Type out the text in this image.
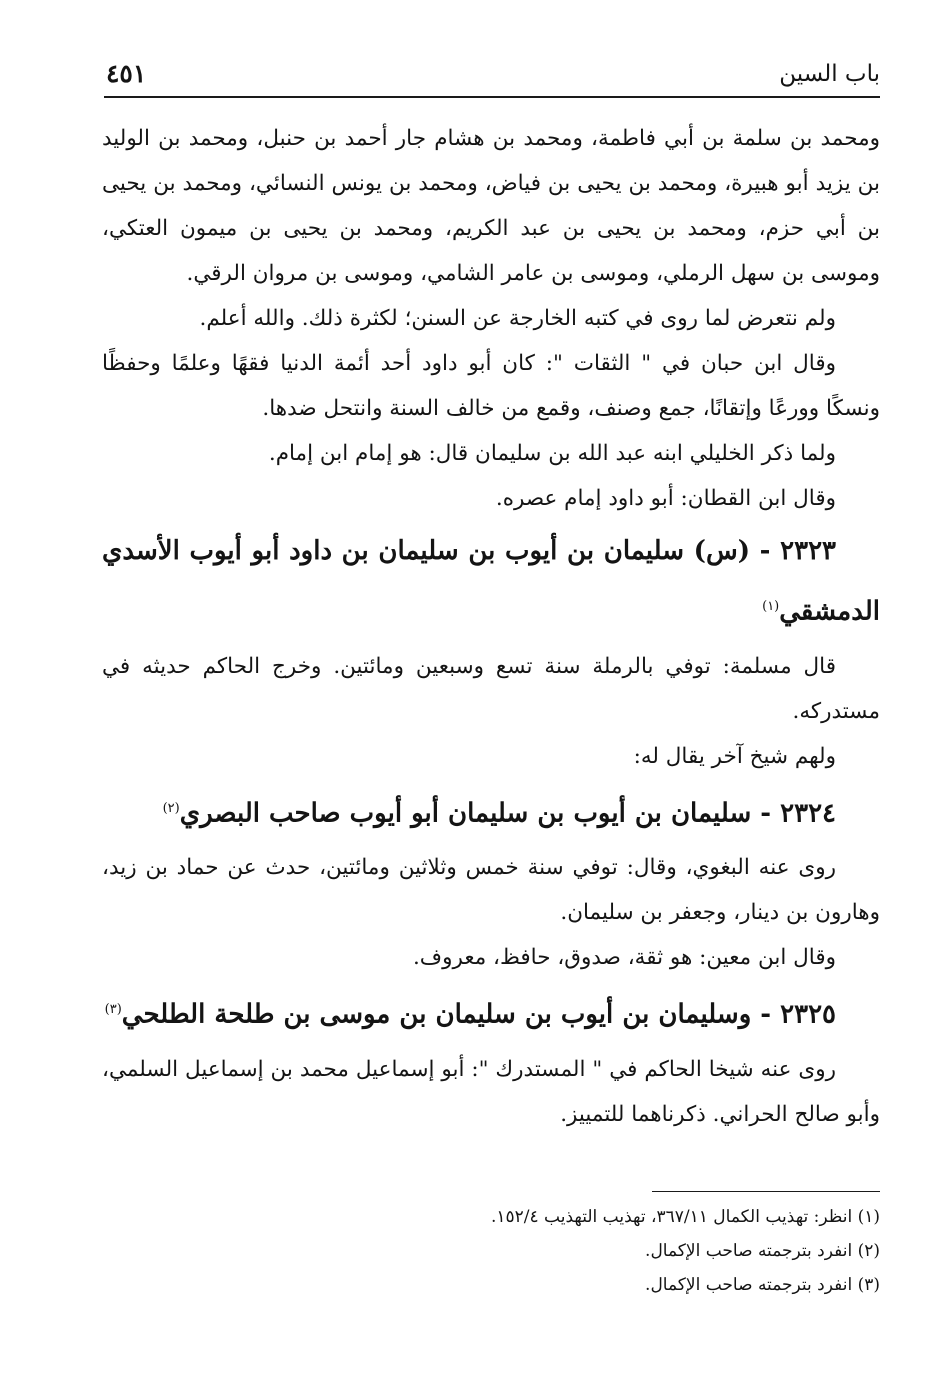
باب السين
٤٥١

ومحمد بن سلمة بن أبي فاطمة، ومحمد بن هشام جار أحمد بن حنبل، ومحمد بن الوليد بن يزيد أبو هبيرة، ومحمد بن يحيى بن فياض، ومحمد بن يونس النسائي، ومحمد بن يحيى بن أبي حزم، ومحمد بن يحيى بن عبد الكريم، ومحمد بن يحيى بن ميمون العتكي، وموسى بن سهل الرملي، وموسى بن عامر الشامي، وموسى بن مروان الرقي.

ولم نتعرض لما روى في كتبه الخارجة عن السنن؛ لكثرة ذلك. والله أعلم.

وقال ابن حبان في " الثقات ": كان أبو داود أحد أئمة الدنيا فقهًا وعلمًا وحفظًا ونسكًا وورعًا وإتقانًا، جمع وصنف، وقمع من خالف السنة وانتحل ضدها.

ولما ذكر الخليلي ابنه عبد الله بن سليمان قال: هو إمام ابن إمام.

وقال ابن القطان: أبو داود إمام عصره.

٢٣٢٣ - (س) سليمان بن أيوب بن سليمان بن داود أبو أيوب الأسدي الدمشقي$^{(١)}$

قال مسلمة: توفي بالرملة سنة تسع وسبعين ومائتين. وخرج الحاكم حديثه في مستدركه.

ولهم شيخ آخر يقال له:

٢٣٢٤ - سليمان بن أيوب بن سليمان أبو أيوب صاحب البصري$^{(٢)}$

روى عنه البغوي، وقال: توفي سنة خمس وثلاثين ومائتين، حدث عن حماد بن زيد، وهارون بن دينار، وجعفر بن سليمان.

وقال ابن معين: هو ثقة، صدوق، حافظ، معروف.

٢٣٢٥ - وسليمان بن أيوب بن سليمان بن موسى بن طلحة الطلحي$^{(٣)}$

روى عنه شيخا الحاكم في " المستدرك ": أبو إسماعيل محمد بن إسماعيل السلمي، وأبو صالح الحراني. ذكرناهما للتمييز.

(١) انظر: تهذيب الكمال ٣٦٧/١١، تهذيب التهذيب ١٥٢/٤.

(٢) انفرد بترجمته صاحب الإكمال.

(٣) انفرد بترجمته صاحب الإكمال.
